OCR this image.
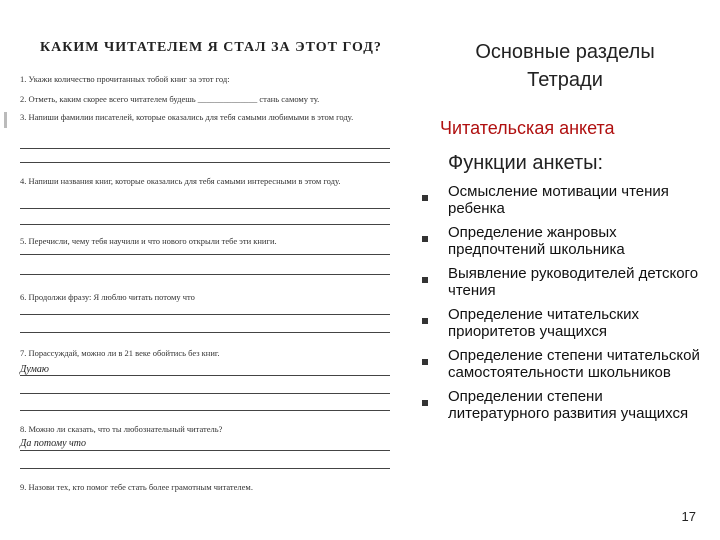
КАКИМ ЧИТАТЕЛЕМ Я СТАЛ ЗА ЭТОТ ГОД?
1. Укажи количество прочитанных тобой книг за этот год:
2. Отметь, каким скорее всего читателем будешь ______________ стань самому ту.
3. Напиши фамилии писателей, которые оказались для тебя самыми любимыми в этом году.
4. Напиши названия книг, которые оказались для тебя самыми интересными в этом году.
5. Перечисли, чему тебя научили и что нового открыли тебе эти книги.
6. Продолжи фразу: Я люблю читать потому что
7. Порассуждай, можно ли в 21 веке обойтись без книг.
Думаю
8. Можно ли сказать, что ты любознательный читатель?
Да потому что
9. Назови тех, кто помог тебе стать более грамотным читателем.
Основные разделы
Тетради
Читательская анкета
Функции анкеты:
Осмысление мотивации чтения ребенка
Определение жанровых предпочтений школьника
Выявление руководителей детского чтения
Определение читательских приоритетов учащихся
Определение степени читательской самостоятельности школьников
Определении степени литературного развития учащихся
17
